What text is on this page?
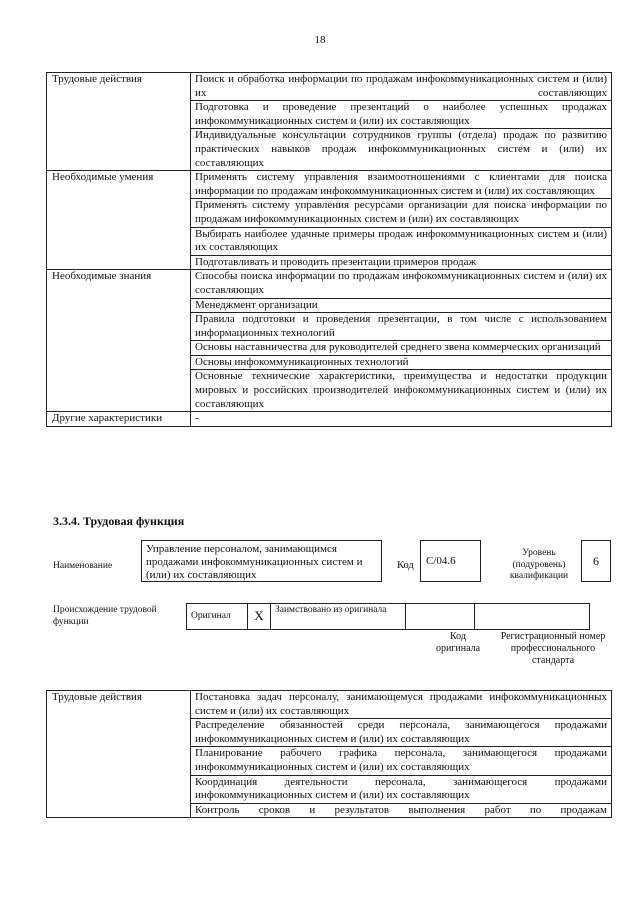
18
Трудовые действия	Поиск и обработка информации по продажам инфокоммуникационных систем и (или) их составляющих
	Подготовка и проведение презентаций о наиболее успешных продажах инфокоммуникационных систем и (или) их составляющих
	Индивидуальные консультации сотрудников группы (отдела) продаж по развитию практических навыков продаж инфокоммуникационных систем и (или) их составляющих
Необходимые умения	Применять систему управления взаимоотношениями с клиентами для поиска информации по продажам инфокоммуникационных систем и (или) их составляющих
	Применять систему управления ресурсами организации для поиска информации по продажам инфокоммуникационных систем и (или) их составляющих
	Выбирать наиболее удачные примеры продаж инфокоммуникационных систем и (или) их составляющих
	Подготавливать и проводить презентации примеров продаж
Необходимые знания	Способы поиска информации по продажам инфокоммуникационных систем и (или) их составляющих
	Менеджмент организации
	Правила подготовки и проведения презентации, в том числе с использованием информационных технологий
	Основы наставничества для руководителей среднего звена коммерческих организаций
	Основы инфокоммуникационных технологий
	Основные технические характеристики, преимущества и недостатки продукции мировых и российских производителей инфокоммуникационных систем и (или) их составляющих
Другие характеристики	-
3.3.4. Трудовая функция
Наименование
Управление персоналом, занимающимся продажами инфокоммуникационных систем и (или) их составляющих
Код	C/04.6
Уровень (подуровень) квалификации
6
Происхождение трудовой функции
Оригинал	X	Заимствовано из оригинала		
Код оригинала
Регистрационный номер профессионального стандарта
Трудовые действия	Постановка задач персоналу, занимающемуся продажами инфокоммуникационных систем и (или) их составляющих
Распределение обязанностей среди персонала, занимающегося продажами инфокоммуникационных систем и (или) их составляющих
Планирование рабочего графика персонала, занимающегося продажами инфокоммуникационных систем и (или) их составляющих
Координация деятельности персонала, занимающегося продажами инфокоммуникационных систем и (или) их составляющих
Контроль сроков и результатов выполнения работ по продажам
